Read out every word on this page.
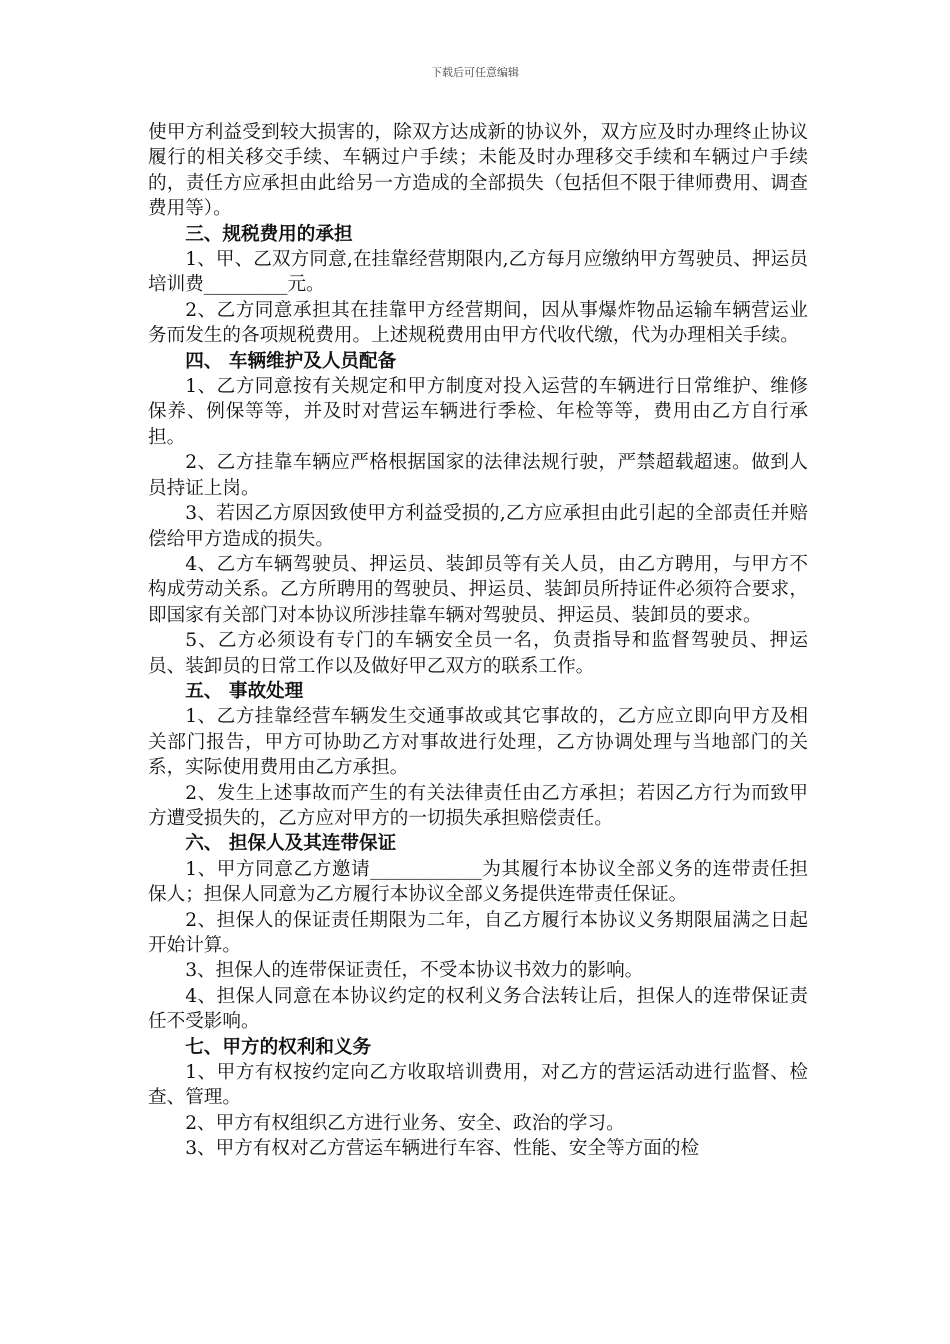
下载后可任意编辑

使甲方利益受到较大损害的，除双方达成新的协议外，双方应及时办理终止协议履行的相关移交手续、车辆过户手续；未能及时办理移交手续和车辆过户手续的，责任方应承担由此给另一方造成的全部损失（包括但不限于律师费用、调查费用等）。

三、规税费用的承担

1、甲、乙双方同意,在挂靠经营期限内,乙方每月应缴纳甲方驾驶员、押运员培训费_________元。

2、乙方同意承担其在挂靠甲方经营期间，因从事爆炸物品运输车辆营运业务而发生的各项规税费用。上述规税费用由甲方代收代缴，代为办理相关手续。

四、 车辆维护及人员配备

1、乙方同意按有关规定和甲方制度对投入运营的车辆进行日常维护、维修保养、例保等等，并及时对营运车辆进行季检、年检等等，费用由乙方自行承担。

2、乙方挂靠车辆应严格根据国家的法律法规行驶，严禁超载超速。做到人员持证上岗。

3、若因乙方原因致使甲方利益受损的,乙方应承担由此引起的全部责任并赔偿给甲方造成的损失。

4、乙方车辆驾驶员、押运员、装卸员等有关人员，由乙方聘用，与甲方不构成劳动关系。乙方所聘用的驾驶员、押运员、装卸员所持证件必须符合要求，即国家有关部门对本协议所涉挂靠车辆对驾驶员、押运员、装卸员的要求。

5、乙方必须设有专门的车辆安全员一名，负责指导和监督驾驶员、押运员、装卸员的日常工作以及做好甲乙双方的联系工作。

五、 事故处理

1、乙方挂靠经营车辆发生交通事故或其它事故的，乙方应立即向甲方及相关部门报告，甲方可协助乙方对事故进行处理，乙方协调处理与当地部门的关系，实际使用费用由乙方承担。

2、发生上述事故而产生的有关法律责任由乙方承担；若因乙方行为而致甲方遭受损失的，乙方应对甲方的一切损失承担赔偿责任。

六、 担保人及其连带保证

1、甲方同意乙方邀请____________为其履行本协议全部义务的连带责任担保人；担保人同意为乙方履行本协议全部义务提供连带责任保证。

2、担保人的保证责任期限为二年，自乙方履行本协议义务期限届满之日起开始计算。

3、担保人的连带保证责任，不受本协议书效力的影响。

4、担保人同意在本协议约定的权利义务合法转让后，担保人的连带保证责任不受影响。

七、甲方的权利和义务

1、甲方有权按约定向乙方收取培训费用，对乙方的营运活动进行监督、检查、管理。

2、甲方有权组织乙方进行业务、安全、政治的学习。

3、甲方有权对乙方营运车辆进行车容、性能、安全等方面的检
